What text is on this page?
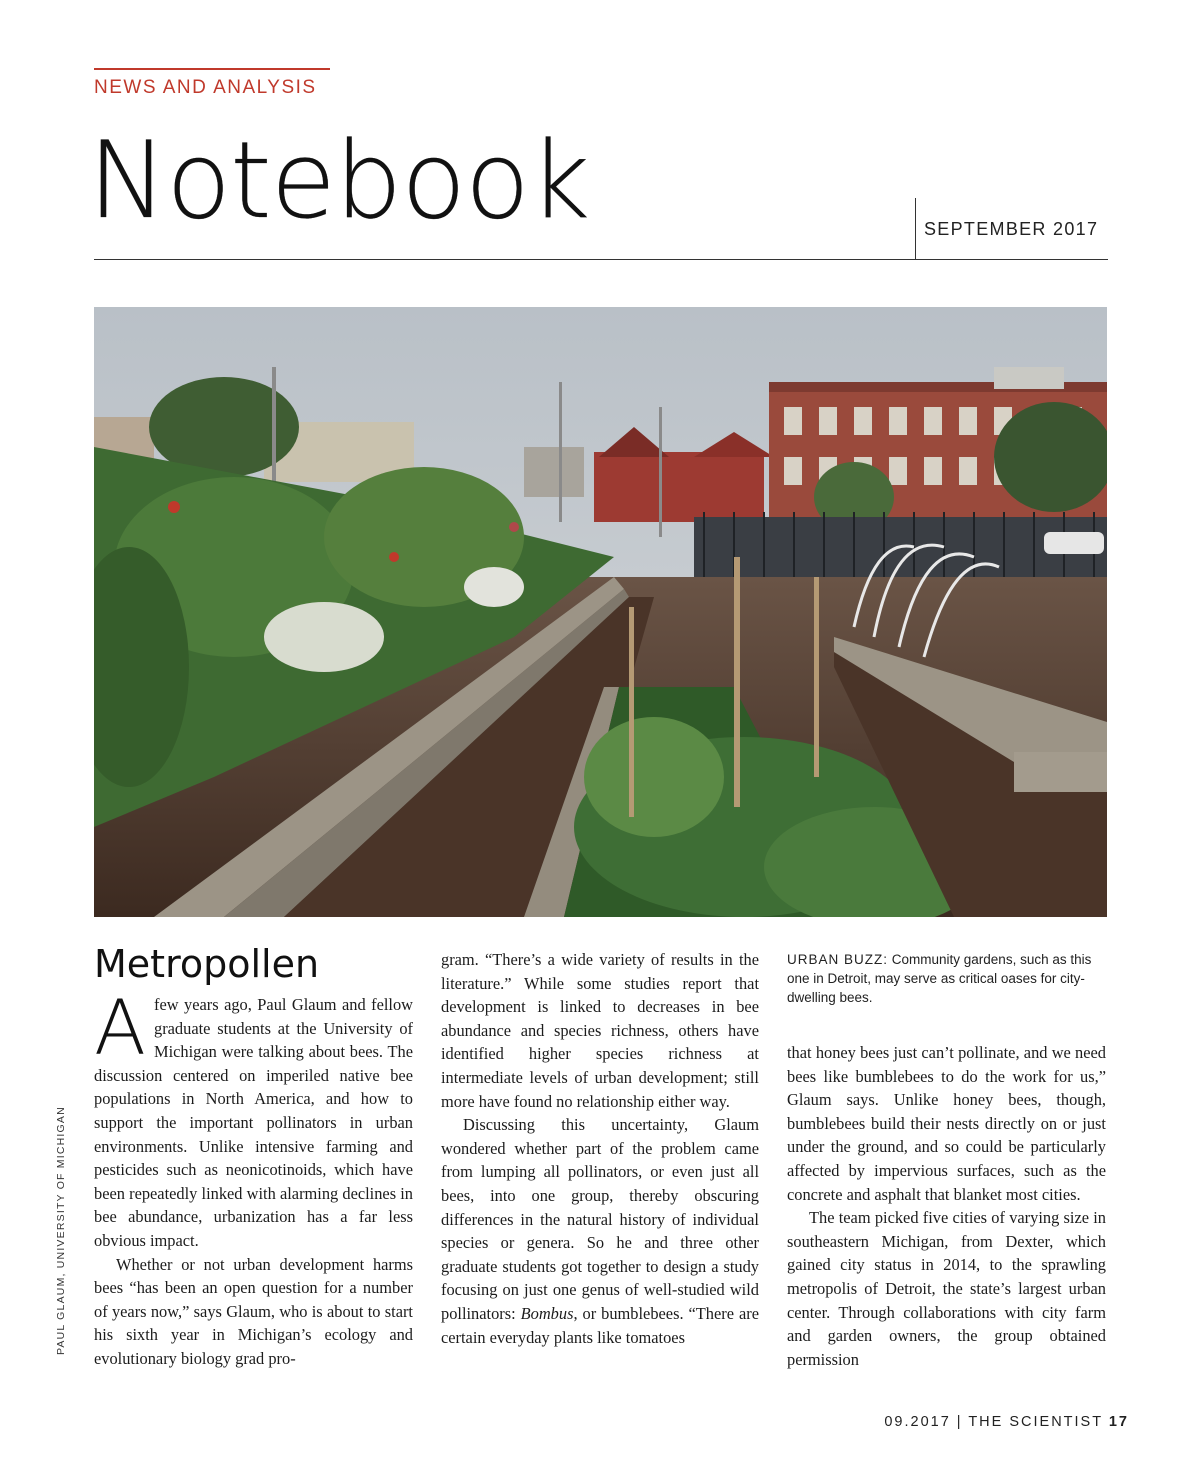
NEWS AND ANALYSIS
Notebook	SEPTEMBER 2017
PAUL GLAUM, UNIVERSITY OF MICHIGAN
Metropollen

Afew years ago, Paul Glaum and fellow graduate students at the University of Michigan were talking about bees. The discussion centered on imperiled native bee populations in North America, and how to support the important pollinators in urban environments. Unlike intensive farming and pesticides such as neonicotinoids, which have been repeatedly linked with alarming declines in bee abundance, urbanization has a far less obvious impact.

Whether or not urban development harms bees “has been an open question for a number of years now,” says Glaum, who is about to start his sixth year in Michigan’s ecology and evolutionary biology grad pro-

gram. “There’s a wide variety of results in the literature.” While some studies report that development is linked to decreases in bee abundance and species richness, others have identified higher species richness at intermediate levels of urban development; still more have found no relationship either way.

Discussing this uncertainty, Glaum wondered whether part of the problem came from lumping all pollinators, or even just all bees, into one group, thereby obscuring differences in the natural history of individual species or genera. So he and three other graduate students got together to design a study focusing on just one genus of well-studied wild pollinators: Bombus, or bumblebees. “There are certain everyday plants like tomatoes

URBAN BUZZ: Community gardens, such as this one in Detroit, may serve as critical oases for city-dwelling bees.

that honey bees just can’t pollinate, and we need bees like bumblebees to do the work for us,” Glaum says. Unlike honey bees, though, bumblebees build their nests directly on or just under the ground, and so could be particularly affected by impervious surfaces, such as the concrete and asphalt that blanket most cities.

The team picked five cities of varying size in southeastern Michigan, from Dexter, which gained city status in 2014, to the sprawling metropolis of Detroit, the state’s largest urban center. Through collaborations with city farm and garden owners, the group obtained permission

09.2017 | THE SCIENTIST 17
